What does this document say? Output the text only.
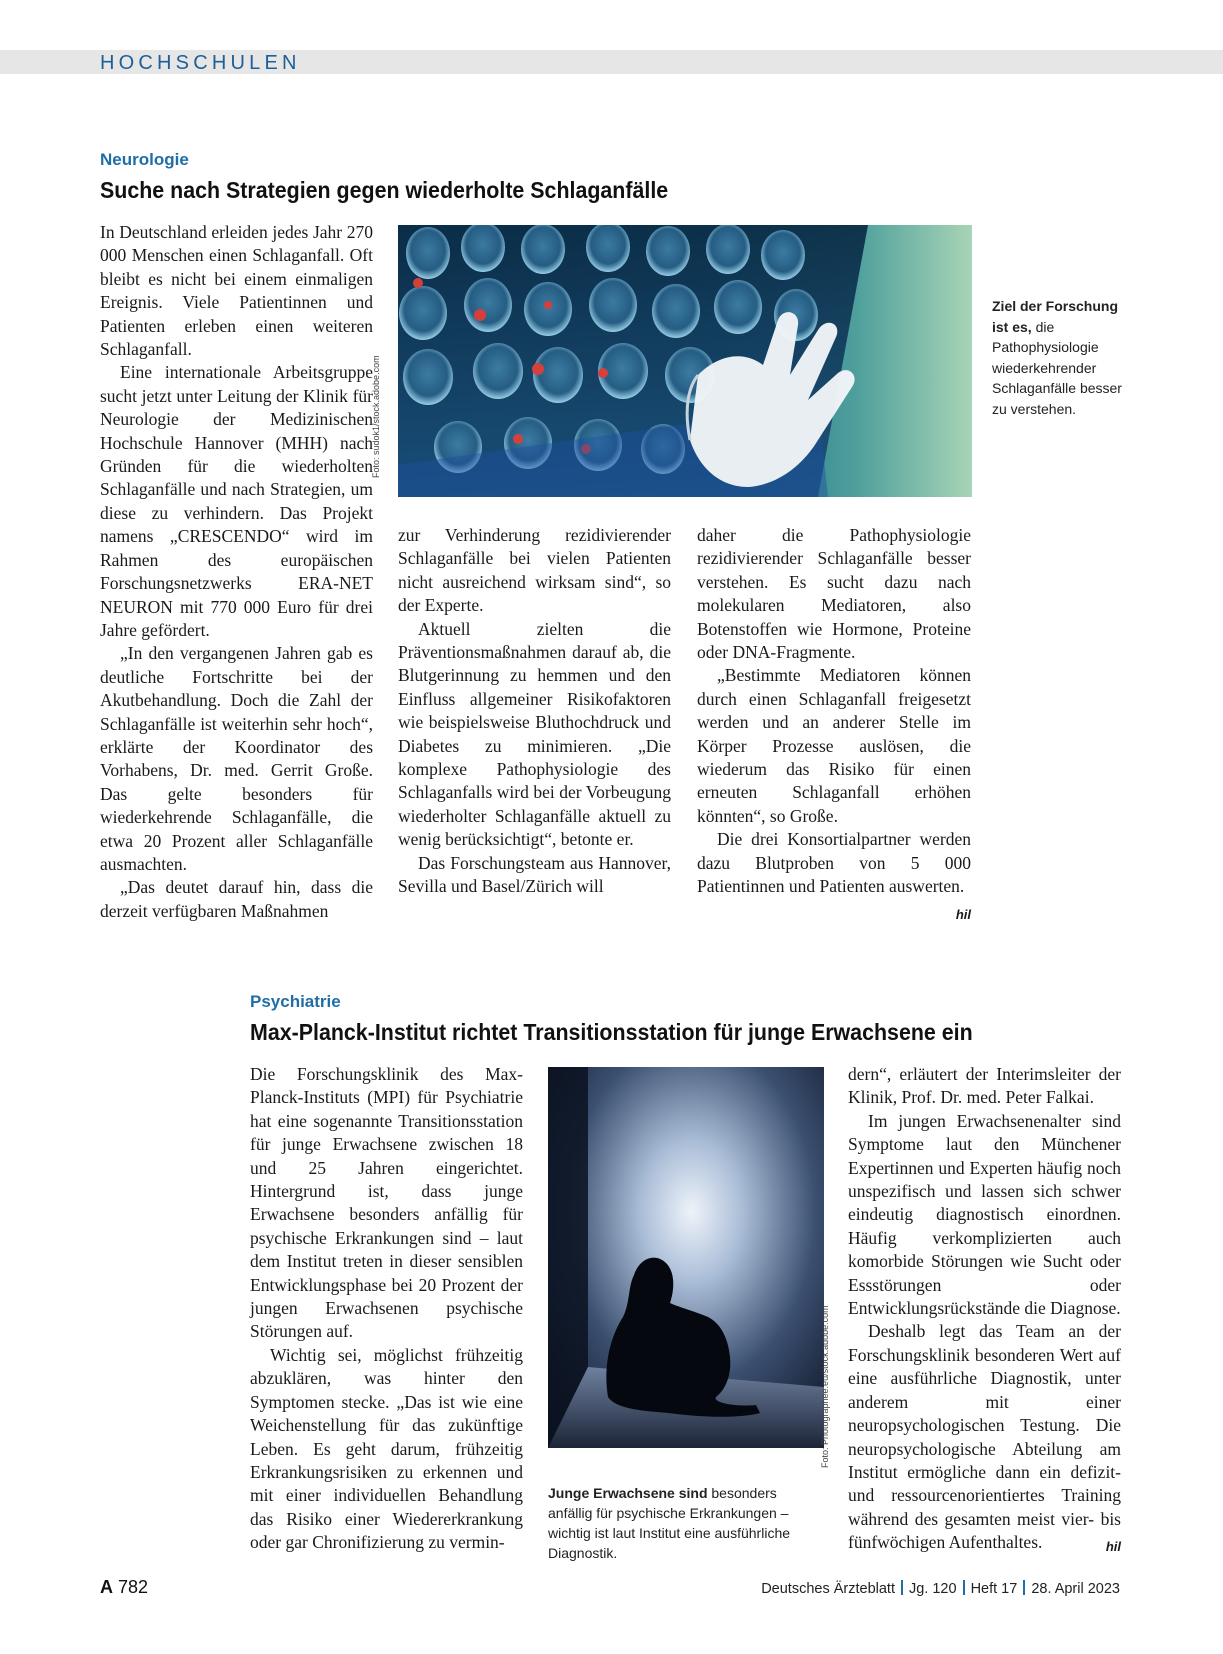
HOCHSCHULEN
Neurologie
Suche nach Strategien gegen wiederholte Schlaganfälle

In Deutschland erleiden jedes Jahr 270 000 Menschen einen Schlaganfall. Oft bleibt es nicht bei einem einmaligen Ereignis. Viele Patientinnen und Patienten erleben einen weiteren Schlaganfall.

Eine internationale Arbeitsgruppe sucht jetzt unter Leitung der Klinik für Neurologie der Medizinischen Hochschule Hannover (MHH) nach Gründen für die wiederholten Schlaganfälle und nach Strategien, um diese zu verhindern. Das Projekt namens „CRESCENDO“ wird im Rahmen des europäischen Forschungsnetzwerks ERA-NET NEURON mit 770 000 Euro für drei Jahre gefördert.

„In den vergangenen Jahren gab es deutliche Fortschritte bei der Akutbehandlung. Doch die Zahl der Schlaganfälle ist weiterhin sehr hoch“, erklärte der Koordinator des Vorhabens, Dr. med. Gerrit Große. Das gelte besonders für wiederkehrende Schlaganfälle, die etwa 20 Prozent aller Schlaganfälle ausmachten.

„Das deutet darauf hin, dass die derzeit verfügbaren Maßnahmen

Foto: sudok1/stock.adobe.com
Ziel der Forschung ist es, die Pathophysiologie wiederkehrender Schlaganfälle besser zu verstehen.

zur Verhinderung rezidivierender Schlaganfälle bei vielen Patienten nicht ausreichend wirksam sind“, so der Experte.

Aktuell zielten die Präventionsmaßnahmen darauf ab, die Blutgerinnung zu hemmen und den Einfluss allgemeiner Risikofaktoren wie beispielsweise Bluthochdruck und Diabetes zu minimieren. „Die komplexe Pathophysiologie des Schlaganfalls wird bei der Vorbeugung wiederholter Schlaganfälle aktuell zu wenig berücksichtigt“, betonte er.

Das Forschungsteam aus Hannover, Sevilla und Basel/Zürich will

daher die Pathophysiologie rezidivierender Schlaganfälle besser verstehen. Es sucht dazu nach molekularen Mediatoren, also Botenstoffen wie Hormone, Proteine oder DNA-Fragmente.

„Bestimmte Mediatoren können durch einen Schlaganfall freigesetzt werden und an anderer Stelle im Körper Prozesse auslösen, die wiederum das Risiko für einen erneuten Schlaganfall erhöhen könnten“, so Große.

Die drei Konsortialpartner werden dazu Blutproben von 5 000 Patientinnen und Patienten auswerten.
hil

Psychiatrie
Max-Planck-Institut richtet Transitionsstation für junge Erwachsene ein

Die Forschungsklinik des Max-Planck-Instituts (MPI) für Psychiatrie hat eine sogenannte Transitionsstation für junge Erwachsene zwischen 18 und 25 Jahren eingerichtet. Hintergrund ist, dass junge Erwachsene besonders anfällig für psychische Erkrankungen sind – laut dem Institut treten in dieser sensiblen Entwicklungsphase bei 20 Prozent der jungen Erwachsenen psychische Störungen auf.

Wichtig sei, möglichst frühzeitig abzuklären, was hinter den Symptomen stecke. „Das ist wie eine Weichenstellung für das zukünftige Leben. Es geht darum, frühzeitig Erkrankungsrisiken zu erkennen und mit einer individuellen Behandlung das Risiko einer Wiedererkrankung oder gar Chronifizierung zu vermin-

Foto: Photographee.eu/stock.adobe.com
Junge Erwachsene sind besonders anfällig für psychische Erkrankungen – wichtig ist laut Institut eine ausführliche Diagnostik.

dern“, erläutert der Interimsleiter der Klinik, Prof. Dr. med. Peter Falkai.

Im jungen Erwachsenenalter sind Symptome laut den Münchener Expertinnen und Experten häufig noch unspezifisch und lassen sich schwer eindeutig diagnostisch einordnen. Häufig verkomplizierten auch komorbide Störungen wie Sucht oder Essstörungen oder Entwicklungsrückstände die Diagnose.

Deshalb legt das Team an der Forschungsklinik besonderen Wert auf eine ausführliche Diagnostik, unter anderem mit einer neuropsychologischen Testung. Die neuropsychologische Abteilung am Institut ermögliche dann ein defizit- und ressourcenorientiertes Training während des gesamten meist vier- bis fünfwöchigen Aufenthaltes.	hil

A 782	Deutsches Ärzteblatt Jg. 120 Heft 17 28. April 2023
